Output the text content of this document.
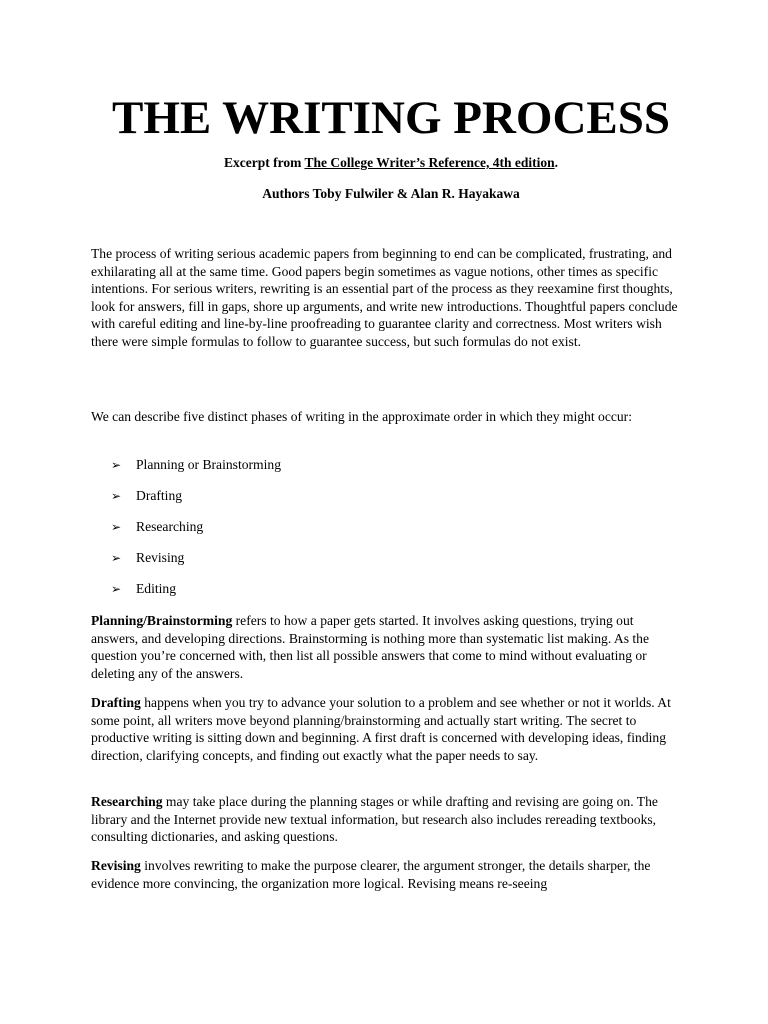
THE WRITING PROCESS

Excerpt from The College Writer’s Reference, 4th edition.

Authors Toby Fulwiler & Alan R. Hayakawa

The process of writing serious academic papers from beginning to end can be complicated, frustrating, and exhilarating all at the same time. Good papers begin sometimes as vague notions, other times as specific intentions. For serious writers, rewriting is an essential part of the process as they reexamine first thoughts, look for answers, fill in gaps, shore up arguments, and write new introductions. Thoughtful papers conclude with careful editing and line-by-line proofreading to guarantee clarity and correctness. Most writers wish there were simple formulas to follow to guarantee success, but such formulas do not exist.

We can describe five distinct phases of writing in the approximate order in which they might occur:

➢ Planning or Brainstorming
➢ Drafting
➢ Researching
➢ Revising
➢ Editing

Planning/Brainstorming refers to how a paper gets started. It involves asking questions, trying out answers, and developing directions. Brainstorming is nothing more than systematic list making. As the question you’re concerned with, then list all possible answers that come to mind without evaluating or deleting any of the answers.

Drafting happens when you try to advance your solution to a problem and see whether or not it worlds. At some point, all writers move beyond planning/brainstorming and actually start writing. The secret to productive writing is sitting down and beginning. A first draft is concerned with developing ideas, finding direction, clarifying concepts, and finding out exactly what the paper needs to say.

Researching may take place during the planning stages or while drafting and revising are going on. The library and the Internet provide new textual information, but research also includes rereading textbooks, consulting dictionaries, and asking questions.

Revising involves rewriting to make the purpose clearer, the argument stronger, the details sharper, the evidence more convincing, the organization more logical. Revising means re-seeing
